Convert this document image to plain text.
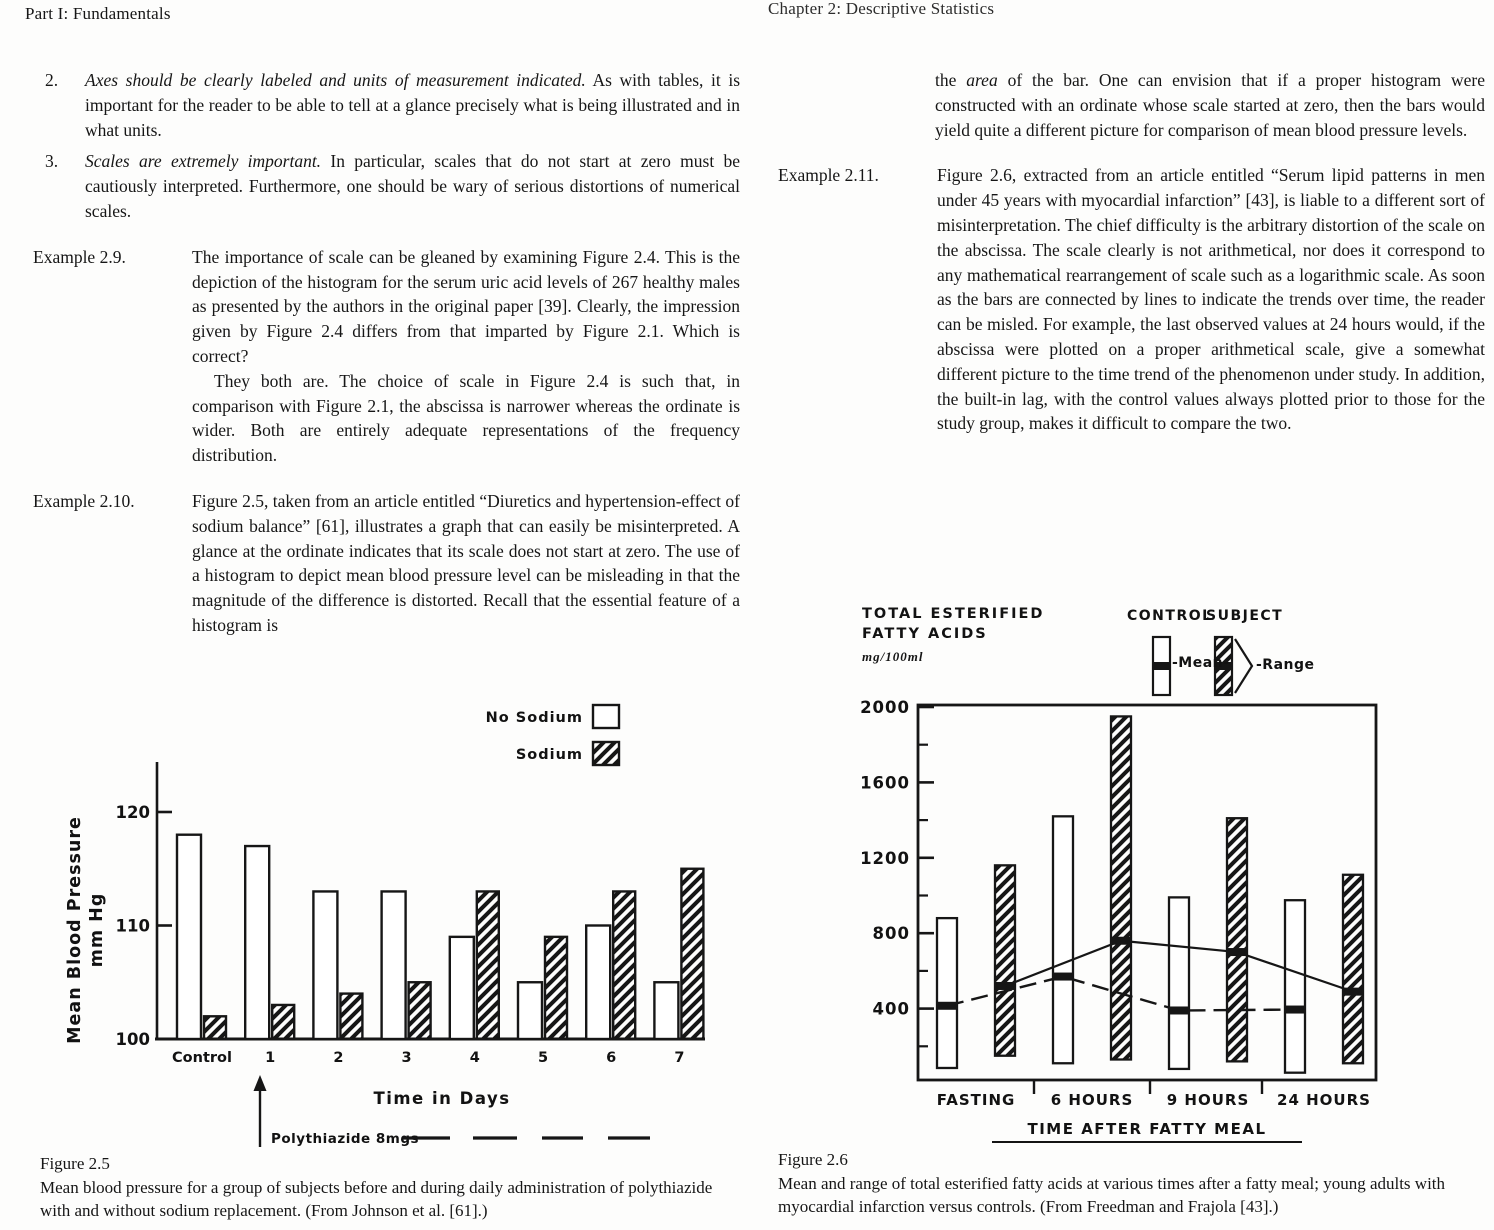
Part I: Fundamentals	Chapter 2: Descriptive Statistics
2.	Axes should be clearly labeled and units of measurement indicated. As with tables, it is important for the reader to be able to tell at a glance precisely what is being illustrated and in what units.
3.	Scales are extremely important. In particular, scales that do not start at zero must be cautiously interpreted. Furthermore, one should be wary of serious distortions of numerical scales.
Example 2.9.	The importance of scale can be gleaned by examining Figure 2.4. This is the depiction of the histogram for the serum uric acid levels of 267 healthy males as presented by the authors in the original paper [39]. Clearly, the impression given by Figure 2.4 differs from that imparted by Figure 2.1. Which is correct?
They both are. The choice of scale in Figure 2.4 is such that, in comparison with Figure 2.1, the abscissa is narrower whereas the ordinate is wider. Both are entirely adequate representations of the frequency distribution.
Example 2.10.	Figure 2.5, taken from an article entitled “Diuretics and hypertension-effect of sodium balance” [61], illustrates a graph that can easily be misinterpreted. A glance at the ordinate indicates that its scale does not start at zero. The use of a histogram to depict mean blood pressure level can be misleading in that the magnitude of the difference is distorted. Recall that the essential feature of a histogram is
the area of the bar. One can envision that if a proper histogram were constructed with an ordinate whose scale started at zero, then the bars would yield quite a different picture for comparison of mean blood pressure levels.
Example 2.11.	Figure 2.6, extracted from an article entitled “Serum lipid patterns in men under 45 years with myocardial infarction” [43], is liable to a different sort of misinterpretation. The chief difficulty is the arbitrary distortion of the scale on the abscissa. The scale clearly is not arithmetical, nor does it correspond to any mathematical rearrangement of scale such as a logarithmic scale. As soon as the bars are connected by lines to indicate the trends over time, the reader can be misled. For example, the last observed values at 24 hours would, if the abscissa were plotted on a proper arithmetical scale, give a somewhat different picture to the time trend of the phenomenon under study. In addition, the built-in lag, with the control values always plotted prior to those for the study group, makes it difficult to compare the two.
No Sodium
Sodium
Mean Blood Pressure mm Hg
Time in Days
Polythiazide 8mgs
Control 1	2	3	4	5	6	7
100
110
120
Figure 2.5
Mean blood pressure for a group of subjects before and during daily administration of polythiazide with and without sodium replacement. (From Johnson et al. [61].)
FASTING 6 HOURS 9 HOURS 24 HOURS
400
800
1200
1600
2000
TOTAL ESTERIFIED
FATTY ACIDS
mg/100ml
CONTROL
SUBJECT
-Mean- -Range
TIME AFTER FATTY MEAL
Figure 2.6
Mean and range of total esterified fatty acids at various times after a fatty meal; young adults with myocardial infarction versus controls. (From Freedman and Frajola [43].)
